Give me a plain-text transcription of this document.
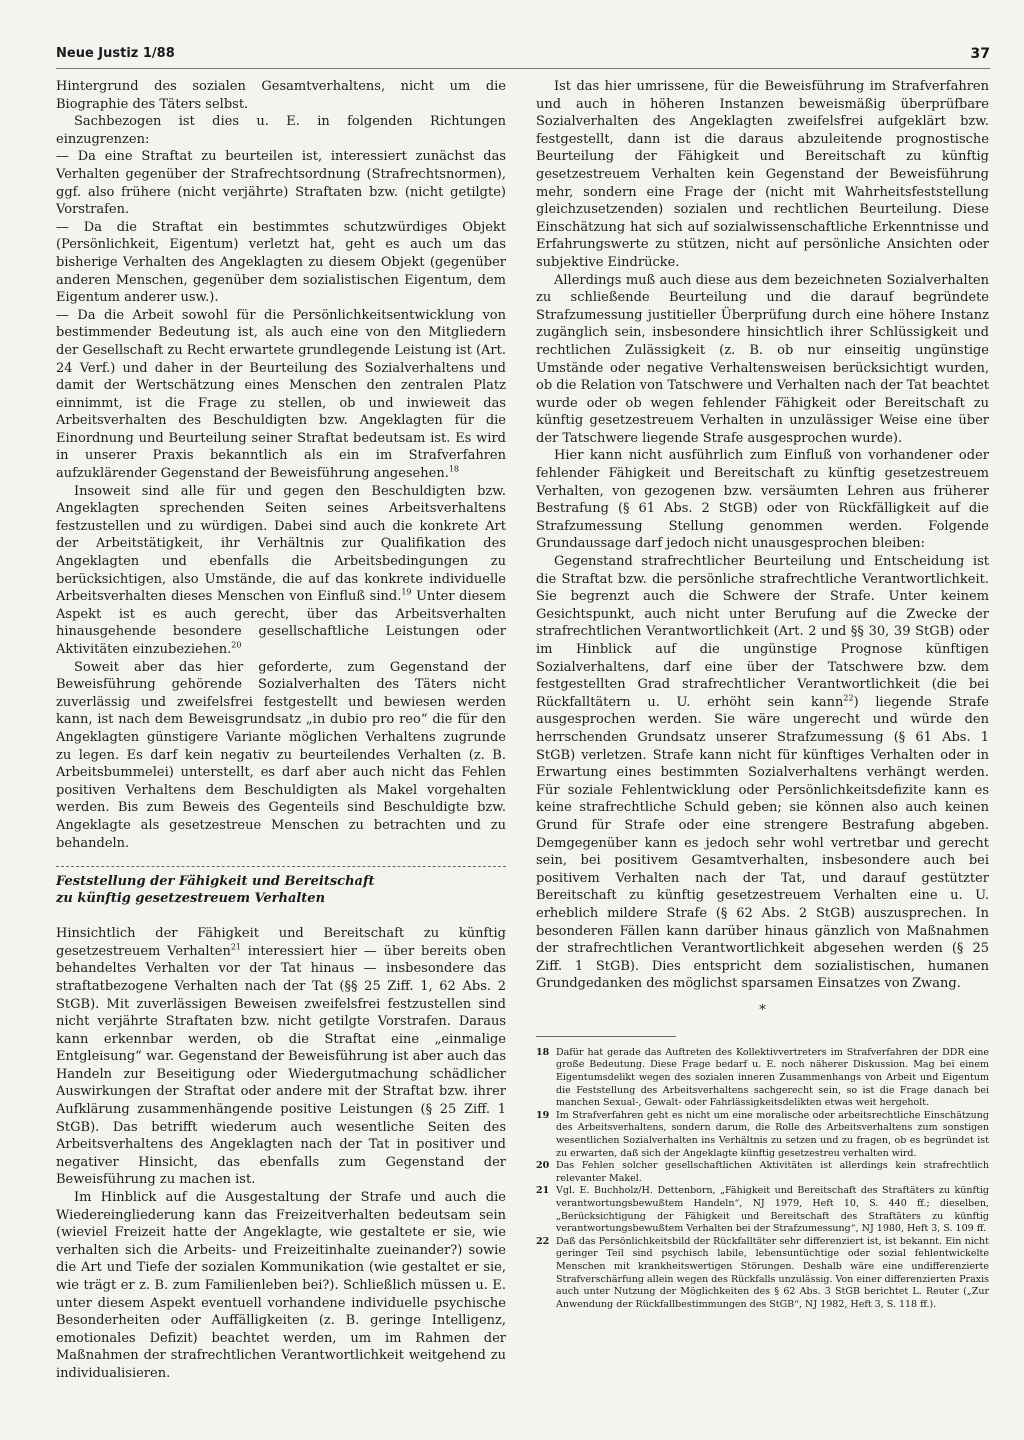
Neue Justiz 1/88	37

Hintergrund des sozialen Gesamtverhaltens, nicht um die Biographie des Täters selbst.

Sachbezogen ist dies u. E. in folgenden Richtungen einzugrenzen:

— Da eine Straftat zu beurteilen ist, interessiert zunächst das Verhalten gegenüber der Strafrechtsordnung (Strafrechtsnormen), ggf. also frühere (nicht verjährte) Straftaten bzw. (nicht getilgte) Vorstrafen.

— Da die Straftat ein bestimmtes schutzwürdiges Objekt (Persönlichkeit, Eigentum) verletzt hat, geht es auch um das bisherige Verhalten des Angeklagten zu diesem Objekt (gegenüber anderen Menschen, gegenüber dem sozialistischen Eigentum, dem Eigentum anderer usw.).

— Da die Arbeit sowohl für die Persönlichkeitsentwicklung von bestimmender Bedeutung ist, als auch eine von den Mitgliedern der Gesellschaft zu Recht erwartete grundlegende Leistung ist (Art. 24 Verf.) und daher in der Beurteilung des Sozialverhaltens und damit der Wertschätzung eines Menschen den zentralen Platz einnimmt, ist die Frage zu stellen, ob und inwieweit das Arbeitsverhalten des Beschuldigten bzw. Angeklagten für die Einordnung und Beurteilung seiner Straftat bedeutsam ist. Es wird in unserer Praxis bekanntlich als ein im Strafverfahren aufzuklärender Gegenstand der Beweisführung angesehen.$^{18}$

Insoweit sind alle für und gegen den Beschuldigten bzw. Angeklagten sprechenden Seiten seines Arbeitsverhaltens festzustellen und zu würdigen. Dabei sind auch die konkrete Art der Arbeitstätigkeit, ihr Verhältnis zur Qualifikation des Angeklagten und ebenfalls die Arbeitsbedingungen zu berücksichtigen, also Umstände, die auf das konkrete individuelle Arbeitsverhalten dieses Menschen von Einfluß sind.$^{19}$ Unter diesem Aspekt ist es auch gerecht, über das Arbeitsverhalten hinausgehende besondere gesellschaftliche Leistungen oder Aktivitäten einzubeziehen.$^{20}$

Soweit aber das hier geforderte, zum Gegenstand der Beweisführung gehörende Sozialverhalten des Täters nicht zuverlässig und zweifelsfrei festgestellt und bewiesen werden kann, ist nach dem Beweisgrundsatz „in dubio pro reo“ die für den Angeklagten günstigere Variante möglichen Verhaltens zugrunde zu legen. Es darf kein negativ zu beurteilendes Verhalten (z. B. Arbeitsbummelei) unterstellt, es darf aber auch nicht das Fehlen positiven Verhaltens dem Beschuldigten als Makel vorgehalten werden. Bis zum Beweis des Gegenteils sind Beschuldigte bzw. Angeklagte als gesetzestreue Menschen zu betrachten und zu behandeln.

Feststellung der Fähigkeit und Bereitschaft
zu künftig gesetzestreuem Verhalten

Hinsichtlich der Fähigkeit und Bereitschaft zu künftig gesetzestreuem Verhalten$^{21}$ interessiert hier — über bereits oben behandeltes Verhalten vor der Tat hinaus — insbesondere das straftatbezogene Verhalten nach der Tat (§§ 25 Ziff. 1, 62 Abs. 2 StGB). Mit zuverlässigen Beweisen zweifelsfrei festzustellen sind nicht verjährte Straftaten bzw. nicht getilgte Vorstrafen. Daraus kann erkennbar werden, ob die Straftat eine „einmalige Entgleisung“ war. Gegenstand der Beweisführung ist aber auch das Handeln zur Beseitigung oder Wiedergutmachung schädlicher Auswirkungen der Straftat oder andere mit der Straftat bzw. ihrer Aufklärung zusammenhängende positive Leistungen (§ 25 Ziff. 1 StGB). Das betrifft wiederum auch wesentliche Seiten des Arbeitsverhaltens des Angeklagten nach der Tat in positiver und negativer Hinsicht, das ebenfalls zum Gegenstand der Beweisführung zu machen ist.

Im Hinblick auf die Ausgestaltung der Strafe und auch die Wiedereingliederung kann das Freizeitverhalten bedeutsam sein (wieviel Freizeit hatte der Angeklagte, wie gestaltete er sie, wie verhalten sich die Arbeits- und Freizeitinhalte zueinander?) sowie die Art und Tiefe der sozialen Kommunikation (wie gestaltet er sie, wie trägt er z. B. zum Familienleben bei?). Schließlich müssen u. E. unter diesem Aspekt eventuell vorhandene individuelle psychische Besonderheiten oder Auffälligkeiten (z. B. geringe Intelligenz, emotionales Defizit) beachtet werden, um im Rahmen der Maßnahmen der strafrechtlichen Verantwortlichkeit weitgehend zu individualisieren.

Ist das hier umrissene, für die Beweisführung im Strafverfahren und auch in höheren Instanzen beweismäßig überprüfbare Sozialverhalten des Angeklagten zweifelsfrei aufgeklärt bzw. festgestellt, dann ist die daraus abzuleitende prognostische Beurteilung der Fähigkeit und Bereitschaft zu künftig gesetzestreuem Verhalten kein Gegenstand der Beweisführung mehr, sondern eine Frage der (nicht mit Wahrheitsfeststellung gleichzusetzenden) sozialen und rechtlichen Beurteilung. Diese Einschätzung hat sich auf sozialwissenschaftliche Erkenntnisse und Erfahrungswerte zu stützen, nicht auf persönliche Ansichten oder subjektive Eindrücke.

Allerdings muß auch diese aus dem bezeichneten Sozialverhalten zu schließende Beurteilung und die darauf begründete Strafzumessung justitieller Überprüfung durch eine höhere Instanz zugänglich sein, insbesondere hinsichtlich ihrer Schlüssigkeit und rechtlichen Zulässigkeit (z. B. ob nur einseitig ungünstige Umstände oder negative Verhaltensweisen berücksichtigt wurden, ob die Relation von Tatschwere und Verhalten nach der Tat beachtet wurde oder ob wegen fehlender Fähigkeit oder Bereitschaft zu künftig gesetzestreuem Verhalten in unzulässiger Weise eine über der Tatschwere liegende Strafe ausgesprochen wurde).

Hier kann nicht ausführlich zum Einfluß von vorhandener oder fehlender Fähigkeit und Bereitschaft zu künftig gesetzestreuem Verhalten, von gezogenen bzw. versäumten Lehren aus früherer Bestrafung (§ 61 Abs. 2 StGB) oder von Rückfälligkeit auf die Strafzumessung Stellung genommen werden. Folgende Grundaussage darf jedoch nicht unausgesprochen bleiben:

Gegenstand strafrechtlicher Beurteilung und Entscheidung ist die Straftat bzw. die persönliche strafrechtliche Verantwortlichkeit. Sie begrenzt auch die Schwere der Strafe. Unter keinem Gesichtspunkt, auch nicht unter Berufung auf die Zwecke der strafrechtlichen Verantwortlichkeit (Art. 2 und §§ 30, 39 StGB) oder im Hinblick auf die ungünstige Prognose künftigen Sozialverhaltens, darf eine über der Tatschwere bzw. dem festgestellten Grad strafrechtlicher Verantwortlichkeit (die bei Rückfalltätern u. U. erhöht sein kann$^{22}$) liegende Strafe ausgesprochen werden. Sie wäre ungerecht und würde den herrschenden Grundsatz unserer Strafzumessung (§ 61 Abs. 1 StGB) verletzen. Strafe kann nicht für künftiges Verhalten oder in Erwartung eines bestimmten Sozialverhaltens verhängt werden. Für soziale Fehlentwicklung oder Persönlichkeitsdefizite kann es keine strafrechtliche Schuld geben; sie können also auch keinen Grund für Strafe oder eine strengere Bestrafung abgeben. Demgegenüber kann es jedoch sehr wohl vertretbar und gerecht sein, bei positivem Gesamtverhalten, insbesondere auch bei positivem Verhalten nach der Tat, und darauf gestützter Bereitschaft zu künftig gesetzestreuem Verhalten eine u. U. erheblich mildere Strafe (§ 62 Abs. 2 StGB) auszusprechen. In besonderen Fällen kann darüber hinaus gänzlich von Maßnahmen der strafrechtlichen Verantwortlichkeit abgesehen werden (§ 25 Ziff. 1 StGB). Dies entspricht dem sozialistischen, humanen Grundgedanken des möglichst sparsamen Einsatzes von Zwang.

*
18 Dafür hat gerade das Auftreten des Kollektivvertreters im Strafverfahren der DDR eine große Bedeutung. Diese Frage bedarf u. E. noch näherer Diskussion. Mag bei einem Eigentumsdelikt wegen des sozialen inneren Zusammenhangs von Arbeit und Eigentum die Feststellung des Arbeitsverhaltens sachgerecht sein, so ist die Frage danach bei manchen Sexual-, Gewalt- oder Fahrlässigkeitsdelikten etwas weit hergeholt.
19 Im Strafverfahren geht es nicht um eine moralische oder arbeitsrechtliche Einschätzung des Arbeitsverhaltens, sondern darum, die Rolle des Arbeitsverhaltens zum sonstigen wesentlichen Sozialverhalten ins Verhältnis zu setzen und zu fragen, ob es begründet ist zu erwarten, daß sich der Angeklagte künftig gesetzestreu verhalten wird.
20 Das Fehlen solcher gesellschaftlichen Aktivitäten ist allerdings kein strafrechtlich relevanter Makel.
21 Vgl. E. Buchholz/H. Dettenborn, „Fähigkeit und Bereitschaft des Straftäters zu künftig verantwortungsbewußtem Handeln“, NJ 1979, Heft 10, S. 440 ff.; dieselben, „Berücksichtigung der Fähigkeit und Bereitschaft des Straftäters zu künftig verantwortungsbewußtem Verhalten bei der Strafzumessung“, NJ 1980, Heft 3, S. 109 ff.
22 Daß das Persönlichkeitsbild der Rückfalltäter sehr differenziert ist, ist bekannt. Ein nicht geringer Teil sind psychisch labile, lebensuntüchtige oder sozial fehlentwickelte Menschen mit krankheitswertigen Störungen. Deshalb wäre eine undifferenzierte Strafverschärfung allein wegen des Rückfalls unzulässig. Von einer differenzierten Praxis auch unter Nutzung der Möglichkeiten des § 62 Abs. 3 StGB berichtet L. Reuter („Zur Anwendung der Rückfallbestimmungen des StGB“, NJ 1982, Heft 3, S. 118 ff.).
